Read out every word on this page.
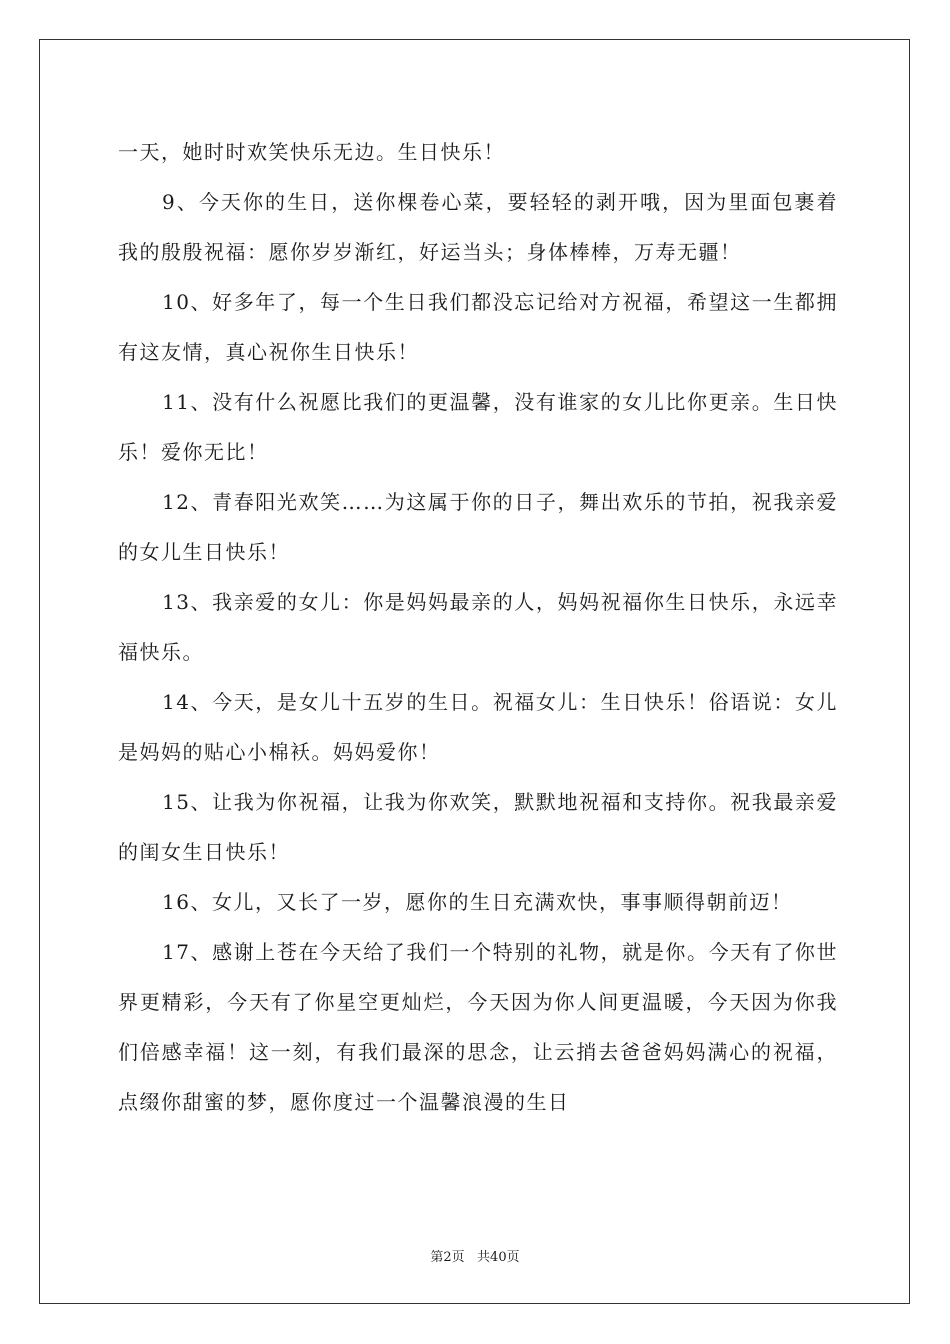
一天，她时时欢笑快乐无边。生日快乐！

9、今天你的生日，送你棵卷心菜，要轻轻的剥开哦，因为里面包裹着我的殷殷祝福：愿你岁岁渐红，好运当头；身体棒棒，万寿无疆！

10、好多年了，每一个生日我们都没忘记给对方祝福，希望这一生都拥有这友情，真心祝你生日快乐！

11、没有什么祝愿比我们的更温馨，没有谁家的女儿比你更亲。生日快乐！爱你无比！

12、青春阳光欢笑……为这属于你的日子，舞出欢乐的节拍，祝我亲爱的女儿生日快乐！

13、我亲爱的女儿：你是妈妈最亲的人，妈妈祝福你生日快乐，永远幸福快乐。

14、今天，是女儿十五岁的生日。祝福女儿：生日快乐！俗语说：女儿是妈妈的贴心小棉袄。妈妈爱你！

15、让我为你祝福，让我为你欢笑，默默地祝福和支持你。祝我最亲爱的闺女生日快乐！

16、女儿，又长了一岁，愿你的生日充满欢快，事事顺得朝前迈！

17、感谢上苍在今天给了我们一个特别的礼物，就是你。今天有了你世界更精彩，今天有了你星空更灿烂，今天因为你人间更温暖，今天因为你我们倍感幸福！这一刻，有我们最深的思念，让云捎去爸爸妈妈满心的祝福，点缀你甜蜜的梦，愿你度过一个温馨浪漫的生日

第2页   共40页
